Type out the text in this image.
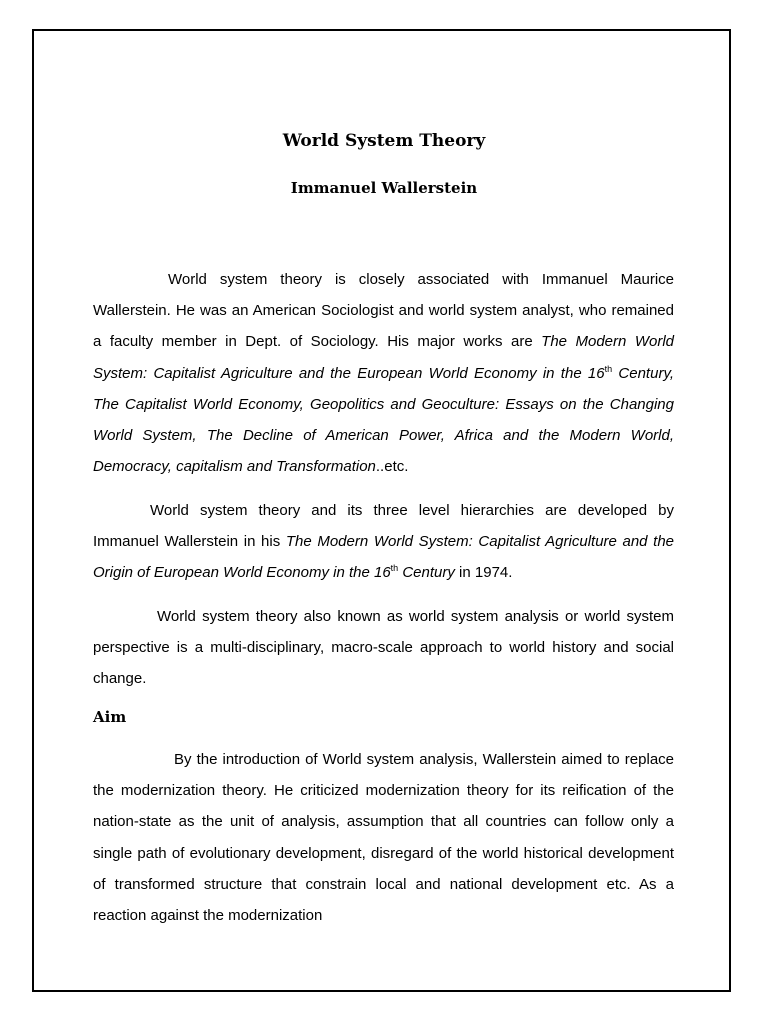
World System Theory
Immanuel Wallerstein

World system theory is closely associated with Immanuel Maurice Wallerstein. He was an American Sociologist and world system analyst, who remained a faculty member in Dept. of Sociology. His major works are The Modern World System: Capitalist Agriculture and the European World Economy in the 16th Century, The Capitalist World Economy, Geopolitics and Geoculture: Essays on the Changing World System, The Decline of American Power, Africa and the Modern World, Democracy, capitalism and Transformation..etc.

World system theory and its three level hierarchies are developed by Immanuel Wallerstein in his The Modern World System: Capitalist Agriculture and the Origin of European World Economy in the 16th Century in 1974.

World system theory also known as world system analysis or world system perspective is a multi-disciplinary, macro-scale approach to world history and social change.

Aim

By the introduction of World system analysis, Wallerstein aimed to replace the modernization theory. He criticized modernization theory for its reification of the nation-state as the unit of analysis, assumption that all countries can follow only a single path of evolutionary development, disregard of the world historical development of transformed structure that constrain local and national development etc. As a reaction against the modernization
